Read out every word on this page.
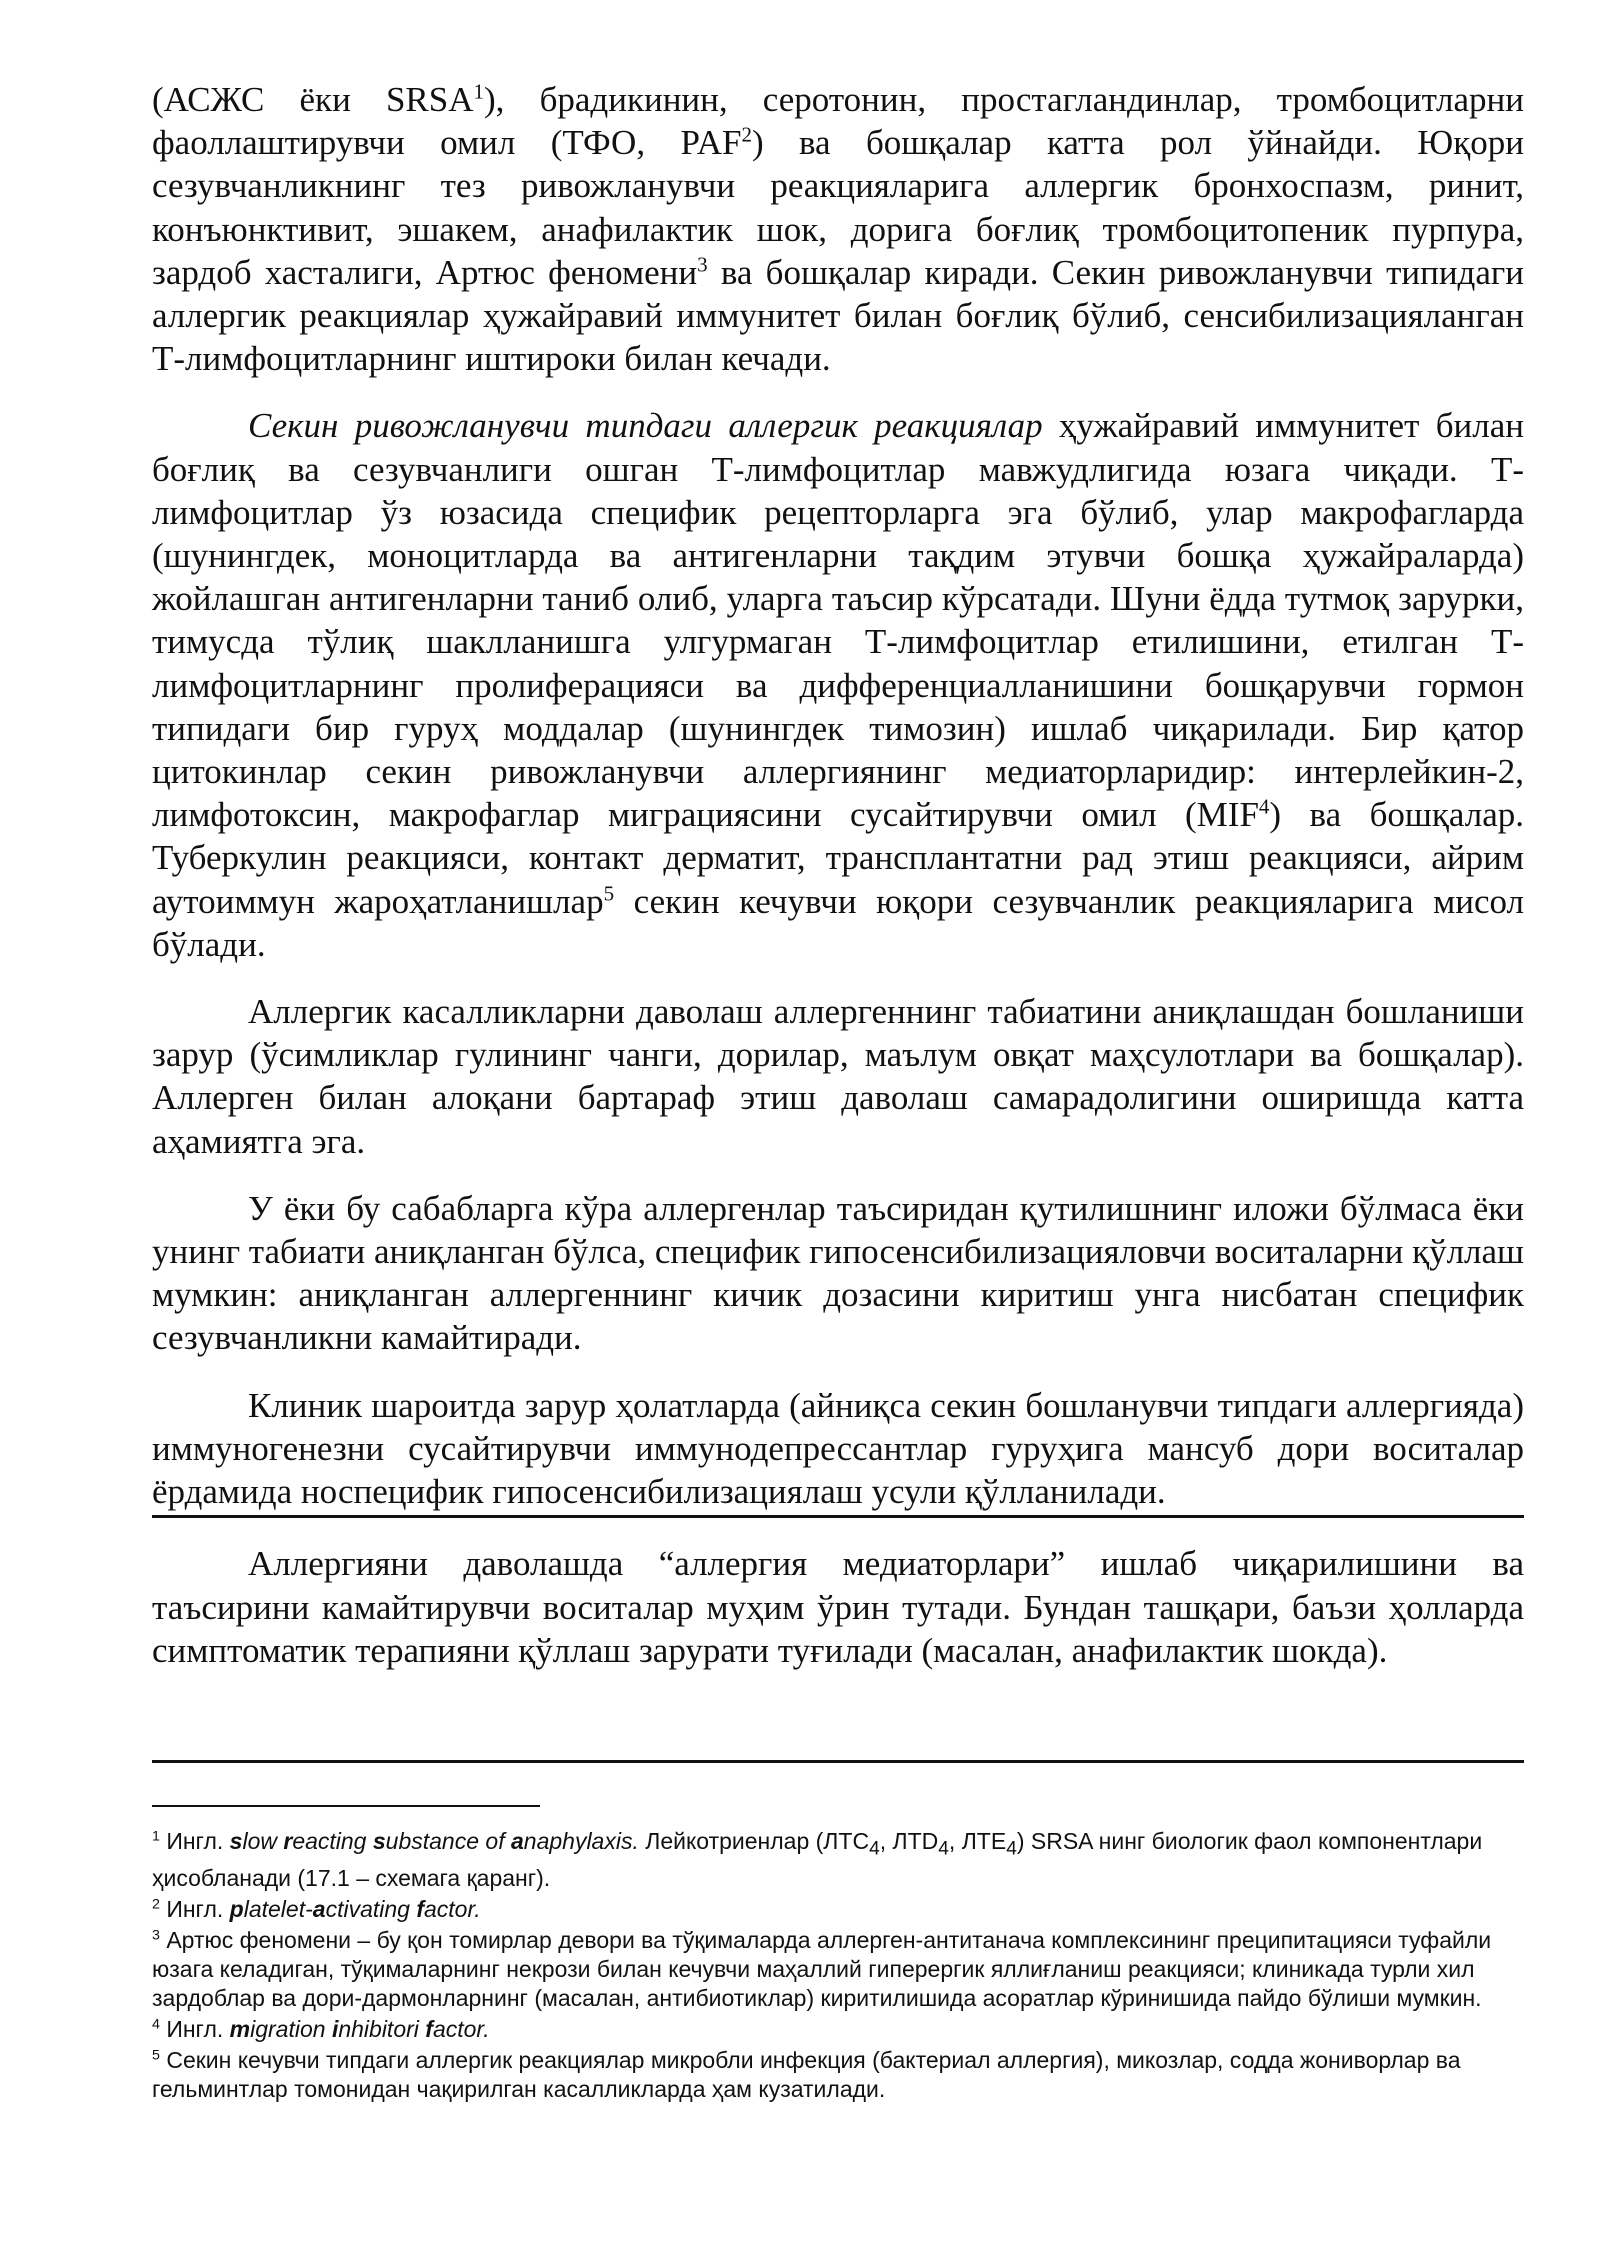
(АСЖС ёки SRSA$^1$), брадикинин, серотонин, простагландинлар, тромбоцитларни фаоллаштирувчи омил (ТФО, PAF$^2$) ва бошқалар катта рол ўйнайди. Юқори сезувчанликнинг тез ривожланувчи реакцияларига аллергик бронхоспазм, ринит, конъюнктивит, эшакем, анафилактик шок, дорига боғлиқ тромбоцитопеник пурпура, зардоб хасталиги, Артюс феномени$^3$ ва бошқалар киради. Секин ривожланувчи типидаги аллергик реакциялар ҳужайравий иммунитет билан боғлиқ бўлиб, сенсибилизацияланган Т-лимфоцитларнинг иштироки билан кечади.

Секин ривожланувчи типдаги аллергик реакциялар ҳужайравий иммунитет билан боғлиқ ва сезувчанлиги ошган Т-лимфоцитлар мавжудлигида юзага чиқади. Т-лимфоцитлар ўз юзасида специфик рецепторларга эга бўлиб, улар макрофагларда (шунингдек, моноцитларда ва антигенларни тақдим этувчи бошқа ҳужайраларда) жойлашган антигенларни таниб олиб, уларга таъсир кўрсатади. Шуни ёдда тутмоқ зарурки, тимусда тўлиқ шаклланишга улгурмаган Т-лимфоцитлар етилишини, етилган Т-лимфоцитларнинг пролиферацияси ва дифференциалланишини бошқарувчи гормон типидаги бир гуруҳ моддалар (шунингдек тимозин) ишлаб чиқарилади. Бир қатор цитокинлар секин ривожланувчи аллергиянинг медиаторларидир: интерлейкин-2, лимфотоксин, макрофаглар миграциясини сусайтирувчи омил (MIF$^4$) ва бошқалар. Туберкулин реакцияси, контакт дерматит, трансплантатни рад этиш реакцияси, айрим аутоиммун жароҳатланишлар$^5$ секин кечувчи юқори сезувчанлик реакцияларига мисол бўлади.

Аллергик касалликларни даволаш аллергеннинг табиатини аниқлашдан бошланиши зарур (ўсимликлар гулининг чанги, дорилар, маълум овқат маҳсулотлари ва бошқалар). Аллерген билан алоқани бартараф этиш даволаш самарадолигини оширишда катта аҳамиятга эга.

У ёки бу сабабларга кўра аллергенлар таъсиридан қутилишнинг иложи бўлмаса ёки унинг табиати аниқланган бўлса, специфик гипосенсибилизацияловчи воситаларни қўллаш мумкин: аниқланган аллергеннинг кичик дозасини киритиш унга нисбатан специфик сезувчанликни камайтиради.

Клиник шароитда зарур ҳолатларда (айниқса секин бошланувчи типдаги аллергияда) иммуногенезни сусайтирувчи иммунодепрессантлар гуруҳига мансуб дори воситалар ёрдамида носпецифик гипосенсибилизациялаш усули қўлланилади.

Аллергияни даволашда “аллергия медиаторлари” ишлаб чиқарилишини ва таъсирини камайтирувчи воситалар муҳим ўрин тутади. Бундан ташқари, баъзи ҳолларда симптоматик терапияни қўллаш зарурати туғилади (масалан, анафилактик шокда).

$^1$ Ингл. slow reacting substance of anaphylaxis. Лейкотриенлар ($ЛТС_4$, $ЛТD_4$, $ЛТЕ_4$) SRSA нинг биологик фаол компонентлари ҳисобланади (17.1 – схемага қаранг).

$^2$ Ингл. platelet-activating factor.

$^3$ Артюс феномени – бу қон томирлар девори ва тўқималарда аллерген-антитанача комплексининг преципитацияси туфайли юзага келадиган, тўқималарнинг некрози билан кечувчи маҳаллий гиперергик яллиғланиш реакцияси; клиникада турли хил зардоблар ва дори-дармонларнинг (масалан, антибиотиклар) киритилишида асоратлар кўринишида пайдо бўлиши мумкин.

$^4$ Ингл. migration inhibitori factor.

$^5$ Секин кечувчи типдаги аллергик реакциялар микробли инфекция (бактериал аллергия), микозлар, содда жониворлар ва гельминтлар томонидан чақирилган касалликларда ҳам кузатилади.
